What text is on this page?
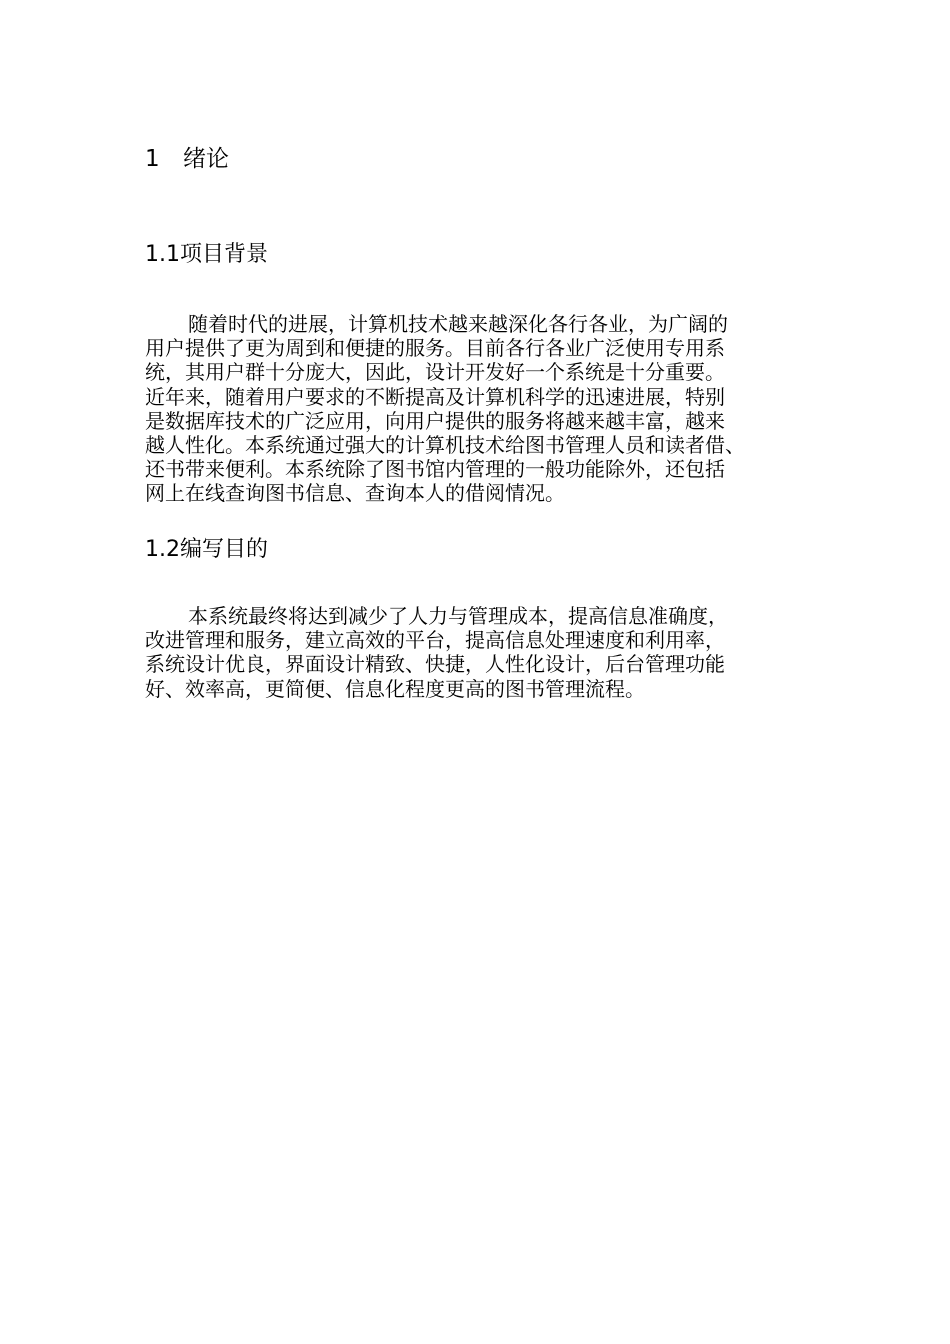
1 绪论
1.1项目背景

随着时代的进展，计算机技术越来越深化各行各业，为广阔的
用户提供了更为周到和便捷的服务。目前各行各业广泛使用专用系
统，其用户群十分庞大，因此，设计开发好一个系统是十分重要。
近年来，随着用户要求的不断提高及计算机科学的迅速进展，特别
是数据库技术的广泛应用，向用户提供的服务将越来越丰富，越来
越人性化。本系统通过强大的计算机技术给图书管理人员和读者借、
还书带来便利。本系统除了图书馆内管理的一般功能除外，还包括
网上在线查询图书信息、查询本人的借阅情况。

1.2编写目的

本系统最终将达到减少了人力与管理成本，提高信息准确度，
改进管理和服务，建立高效的平台，提高信息处理速度和利用率，
系统设计优良，界面设计精致、快捷，人性化设计，后台管理功能
好、效率高，更简便、信息化程度更高的图书管理流程。
